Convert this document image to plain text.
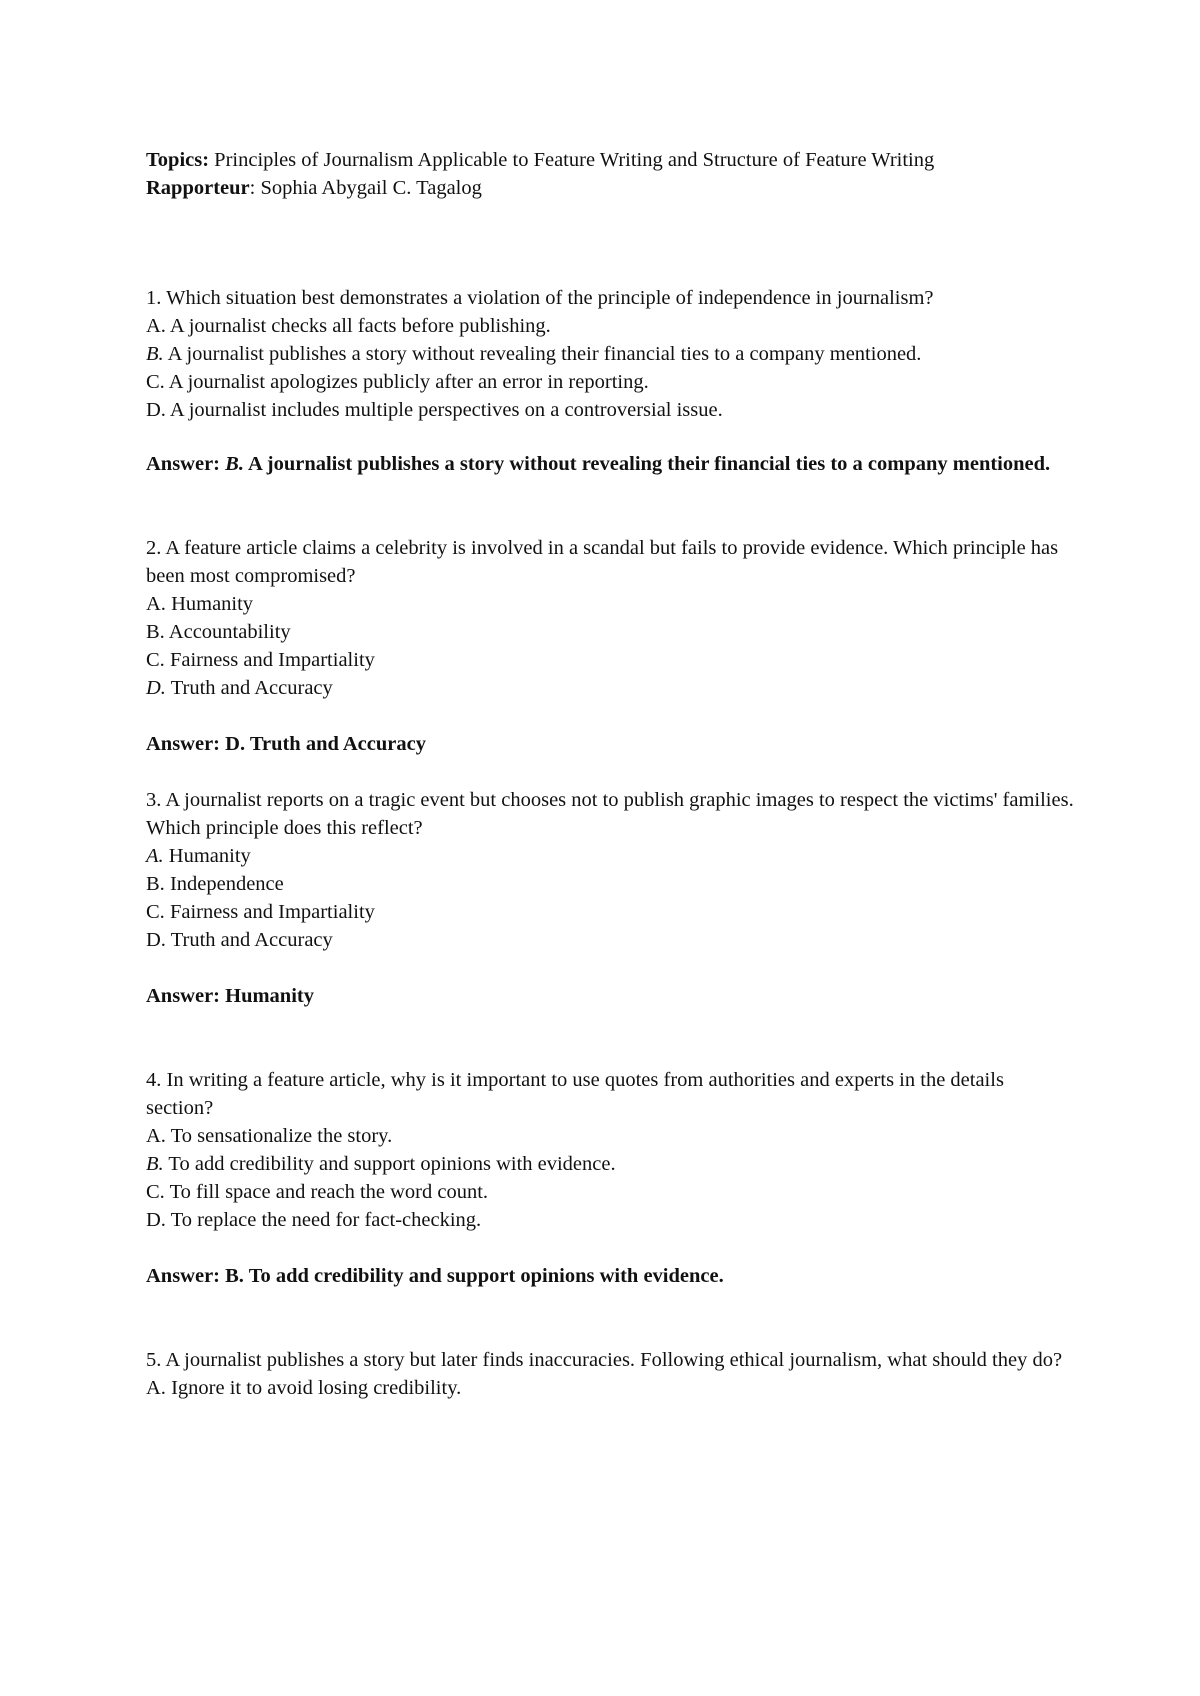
Topics: Principles of Journalism Applicable to Feature Writing and Structure of Feature Writing

Rapporteur: Sophia Abygail C. Tagalog

1. Which situation best demonstrates a violation of the principle of independence in journalism?

A. A journalist checks all facts before publishing.

B. A journalist publishes a story without revealing their financial ties to a company mentioned.

C. A journalist apologizes publicly after an error in reporting.

D. A journalist includes multiple perspectives on a controversial issue.

Answer: B. A journalist publishes a story without revealing their financial ties to a company mentioned.

2. A feature article claims a celebrity is involved in a scandal but fails to provide evidence. Which principle has been most compromised?

A. Humanity

B. Accountability

C. Fairness and Impartiality

D. Truth and Accuracy

Answer: D. Truth and Accuracy

3. A journalist reports on a tragic event but chooses not to publish graphic images to respect the victims' families. Which principle does this reflect?

A. Humanity

B. Independence

C. Fairness and Impartiality

D. Truth and Accuracy

Answer: Humanity

4. In writing a feature article, why is it important to use quotes from authorities and experts in the details section?

A. To sensationalize the story.

B. To add credibility and support opinions with evidence.

C. To fill space and reach the word count.

D. To replace the need for fact-checking.

Answer: B. To add credibility and support opinions with evidence.

5. A journalist publishes a story but later finds inaccuracies. Following ethical journalism, what should they do?

A. Ignore it to avoid losing credibility.
